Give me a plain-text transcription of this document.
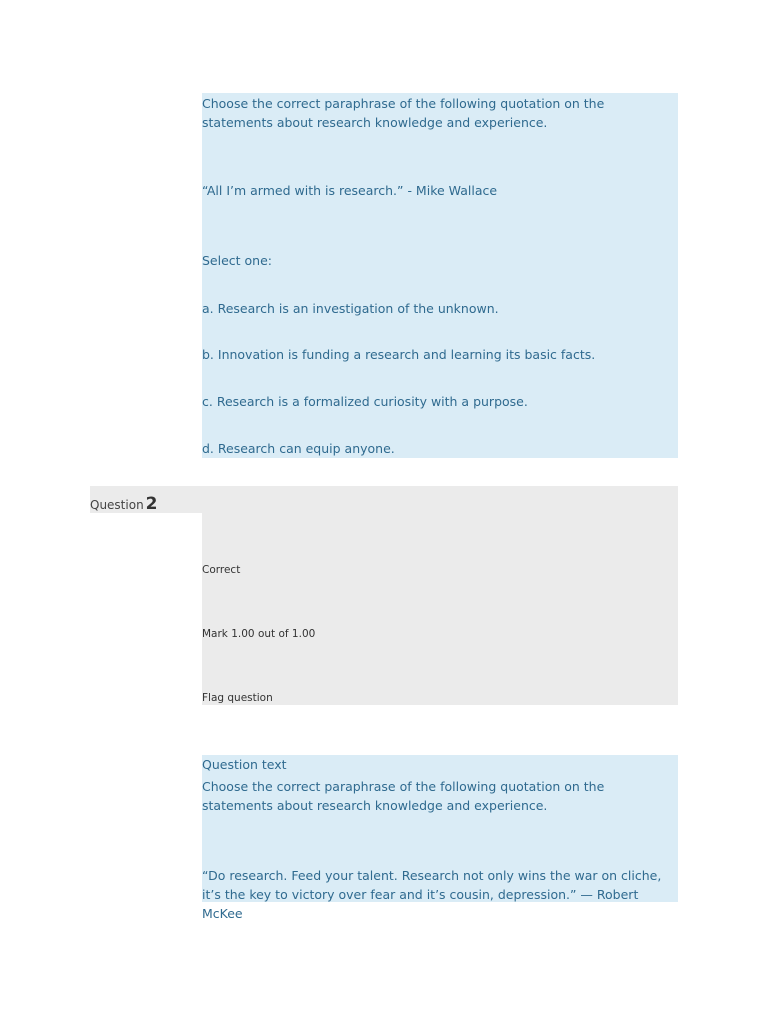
Choose the correct paraphrase of the following quotation on the statements about research knowledge and experience.

“All I’m armed with is research.” - Mike Wallace

Select one:

a. Research is an investigation of the unknown.

b. Innovation is funding a research and learning its basic facts.

c. Research is a formalized curiosity with a purpose.

d. Research can equip anyone.

Question 2
Correct
Mark 1.00 out of 1.00
Flag question

Question text

Choose the correct paraphrase of the following quotation on the statements about research knowledge and experience.

“Do research. Feed your talent. Research not only wins the war on cliche, it’s the key to victory over fear and it’s cousin, depression.” — Robert McKee
